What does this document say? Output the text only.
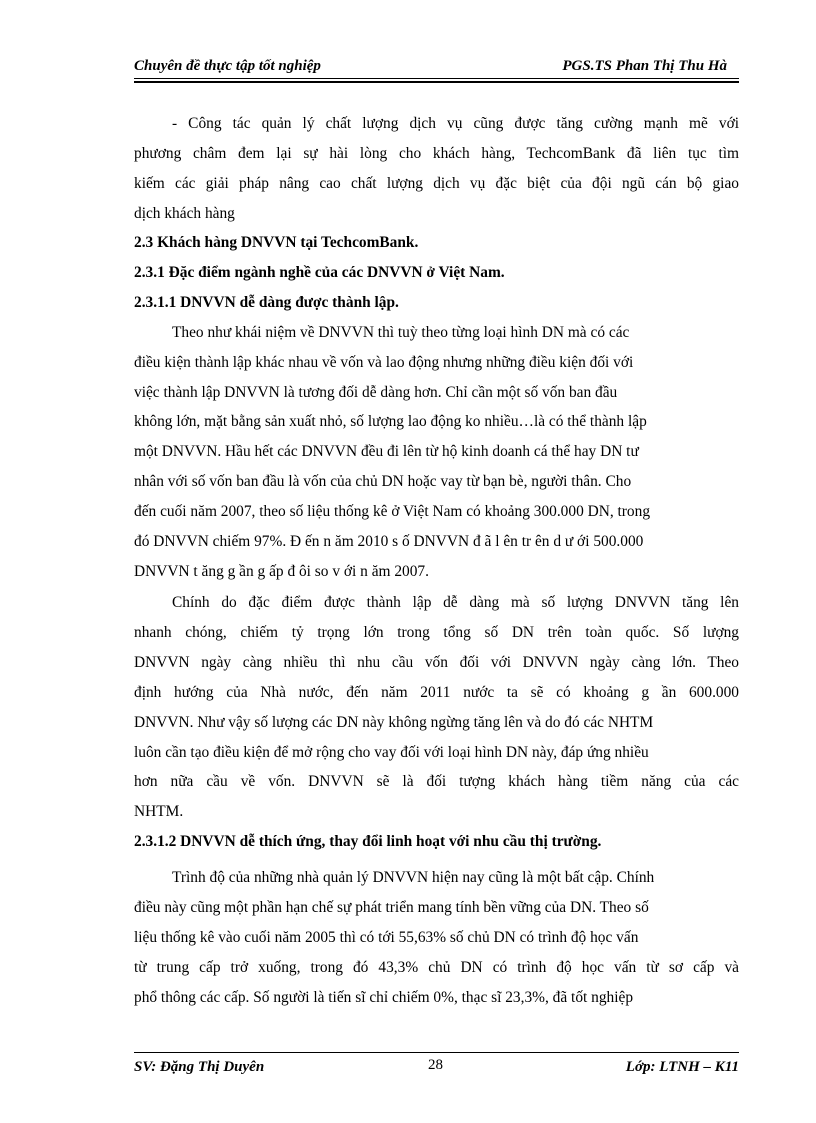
Chuyên đề thực tập tốt nghiệp	PGS.TS Phan Thị Thu Hà
- Công tác quản lý chất lượng dịch vụ cũng được tăng cường mạnh mẽ với
phương châm đem lại sự hài lòng cho khách hàng, TechcomBank đã liên tục tìm
kiếm các giải pháp nâng cao chất lượng dịch vụ đặc biệt của đội ngũ cán bộ giao
dịch khách hàng
2.3 Khách hàng DNVVN tại TechcomBank.
2.3.1 Đặc điểm ngành nghề của các DNVVN ở Việt Nam.
2.3.1.1 DNVVN dễ dàng được thành lập.
Theo như khái niệm về DNVVN thì tuỳ theo từng loại hình DN mà có các
điều kiện thành lập khác nhau về vốn và lao động nhưng những điều kiện đối với
việc thành lập DNVVN là tương đối dễ dàng hơn. Chỉ cần một số vốn ban đầu
không lớn, mặt bằng sản xuất nhỏ, số lượng lao động ko nhiều…là có thể thành lập
một DNVVN. Hầu hết các DNVVN đều đi lên từ hộ kinh doanh cá thể hay DN tư
nhân với số vốn ban đầu là vốn của chủ DN hoặc vay từ bạn bè, người thân. Cho
đến cuối năm 2007, theo số liệu thống kê ở Việt Nam có khoảng 300.000 DN, trong
đó DNVVN chiếm 97%. Đ ến n ăm 2010 s ố DNVVN đ ã l ên tr ên d ư ới 500.000
DNVVN t ăng g ần g ấp đ ôi so v ới n ăm 2007.
Chính do đặc điểm được thành lập dễ dàng mà số lượng DNVVN tăng lên
nhanh chóng, chiếm tỷ trọng lớn trong tổng số DN trên toàn quốc. Số lượng
DNVVN ngày càng nhiều thì nhu cầu vốn đối với DNVVN ngày càng lớn. Theo
định hướng của Nhà nước, đến năm 2011 nước ta sẽ có khoảng g ần 600.000
DNVVN. Như vậy số lượng các DN này không ngừng tăng lên và do đó các NHTM
luôn cần tạo điều kiện để mở rộng cho vay đối với loại hình DN này, đáp ứng nhiều
hơn nữa cầu về vốn. DNVVN sẽ là đối tượng khách hàng tiềm năng của các
NHTM.
2.3.1.2 DNVVN dễ thích ứng, thay đổi linh hoạt với nhu cầu thị trường.
Trình độ của những nhà quản lý DNVVN hiện nay cũng là một bất cập. Chính
điều này cũng một phần hạn chế sự phát triển mang tính bền vững của DN. Theo số
liệu thống kê vào cuối năm 2005 thì có tới 55,63% số chủ DN có trình độ học vấn
từ trung cấp trở xuống, trong đó 43,3% chủ DN có trình độ học vấn từ sơ cấp và
phổ thông các cấp. Số người là tiến sĩ chỉ chiếm 0%, thạc sĩ 23,3%, đã tốt nghiệp
SV: Đặng Thị Duyên	28	Lớp: LTNH – K11
